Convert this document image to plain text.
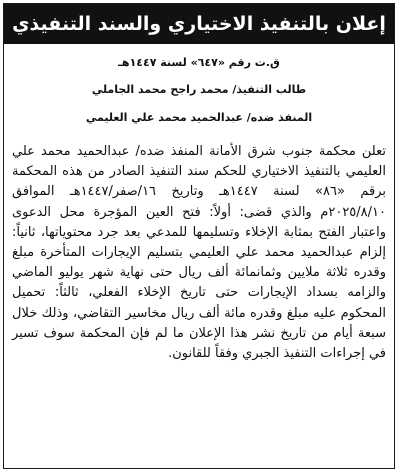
إعلان بالتنفيذ الاختياري والسند التنفيذي
ق.ت رقم «٦٤٧» لسنة ١٤٤٧هـ
طالب التنفيذ/ محمد راجح محمد الجاملي
المنفذ ضده/ عبدالحميد محمد علي العليمي

تعلن محكمة جنوب شرق الأمانة المنفذ ضده/ عبدالحميد محمد علي العليمي بالتنفيذ الاختياري للحكم سند التنفيذ الصادر من هذه المحكمة برقم «٨٦» لسنة ١٤٤٧هـ وتاريخ ١٦/صفر/١٤٤٧هـ الموافق ٢٠٢٥/٨/١٠م والذي قضى: أولاً: فتح العين المؤجرة محل الدعوى واعتبار الفتح بمثابة الإخلاء وتسليمها للمدعي بعد جرد محتوياتها، ثانياً: إلزام عبدالحميد محمد علي العليمي بتسليم الإيجارات المتأخرة مبلغ وقدره ثلاثة ملايين وثمانمائة ألف ريال حتى نهاية شهر يوليو الماضي والزامه بسداد الإيجارات حتى تاريخ الإخلاء الفعلي، ثالثاً: تحميل المحكوم عليه مبلغ وقدره مائة ألف ريال مخاسير التقاضي، وذلك خلال سبعة أيام من تاريخ نشر هذا الإعلان ما لم فإن المحكمة سوف تسير في إجراءات التنفيذ الجبري وفقاً للقانون.
